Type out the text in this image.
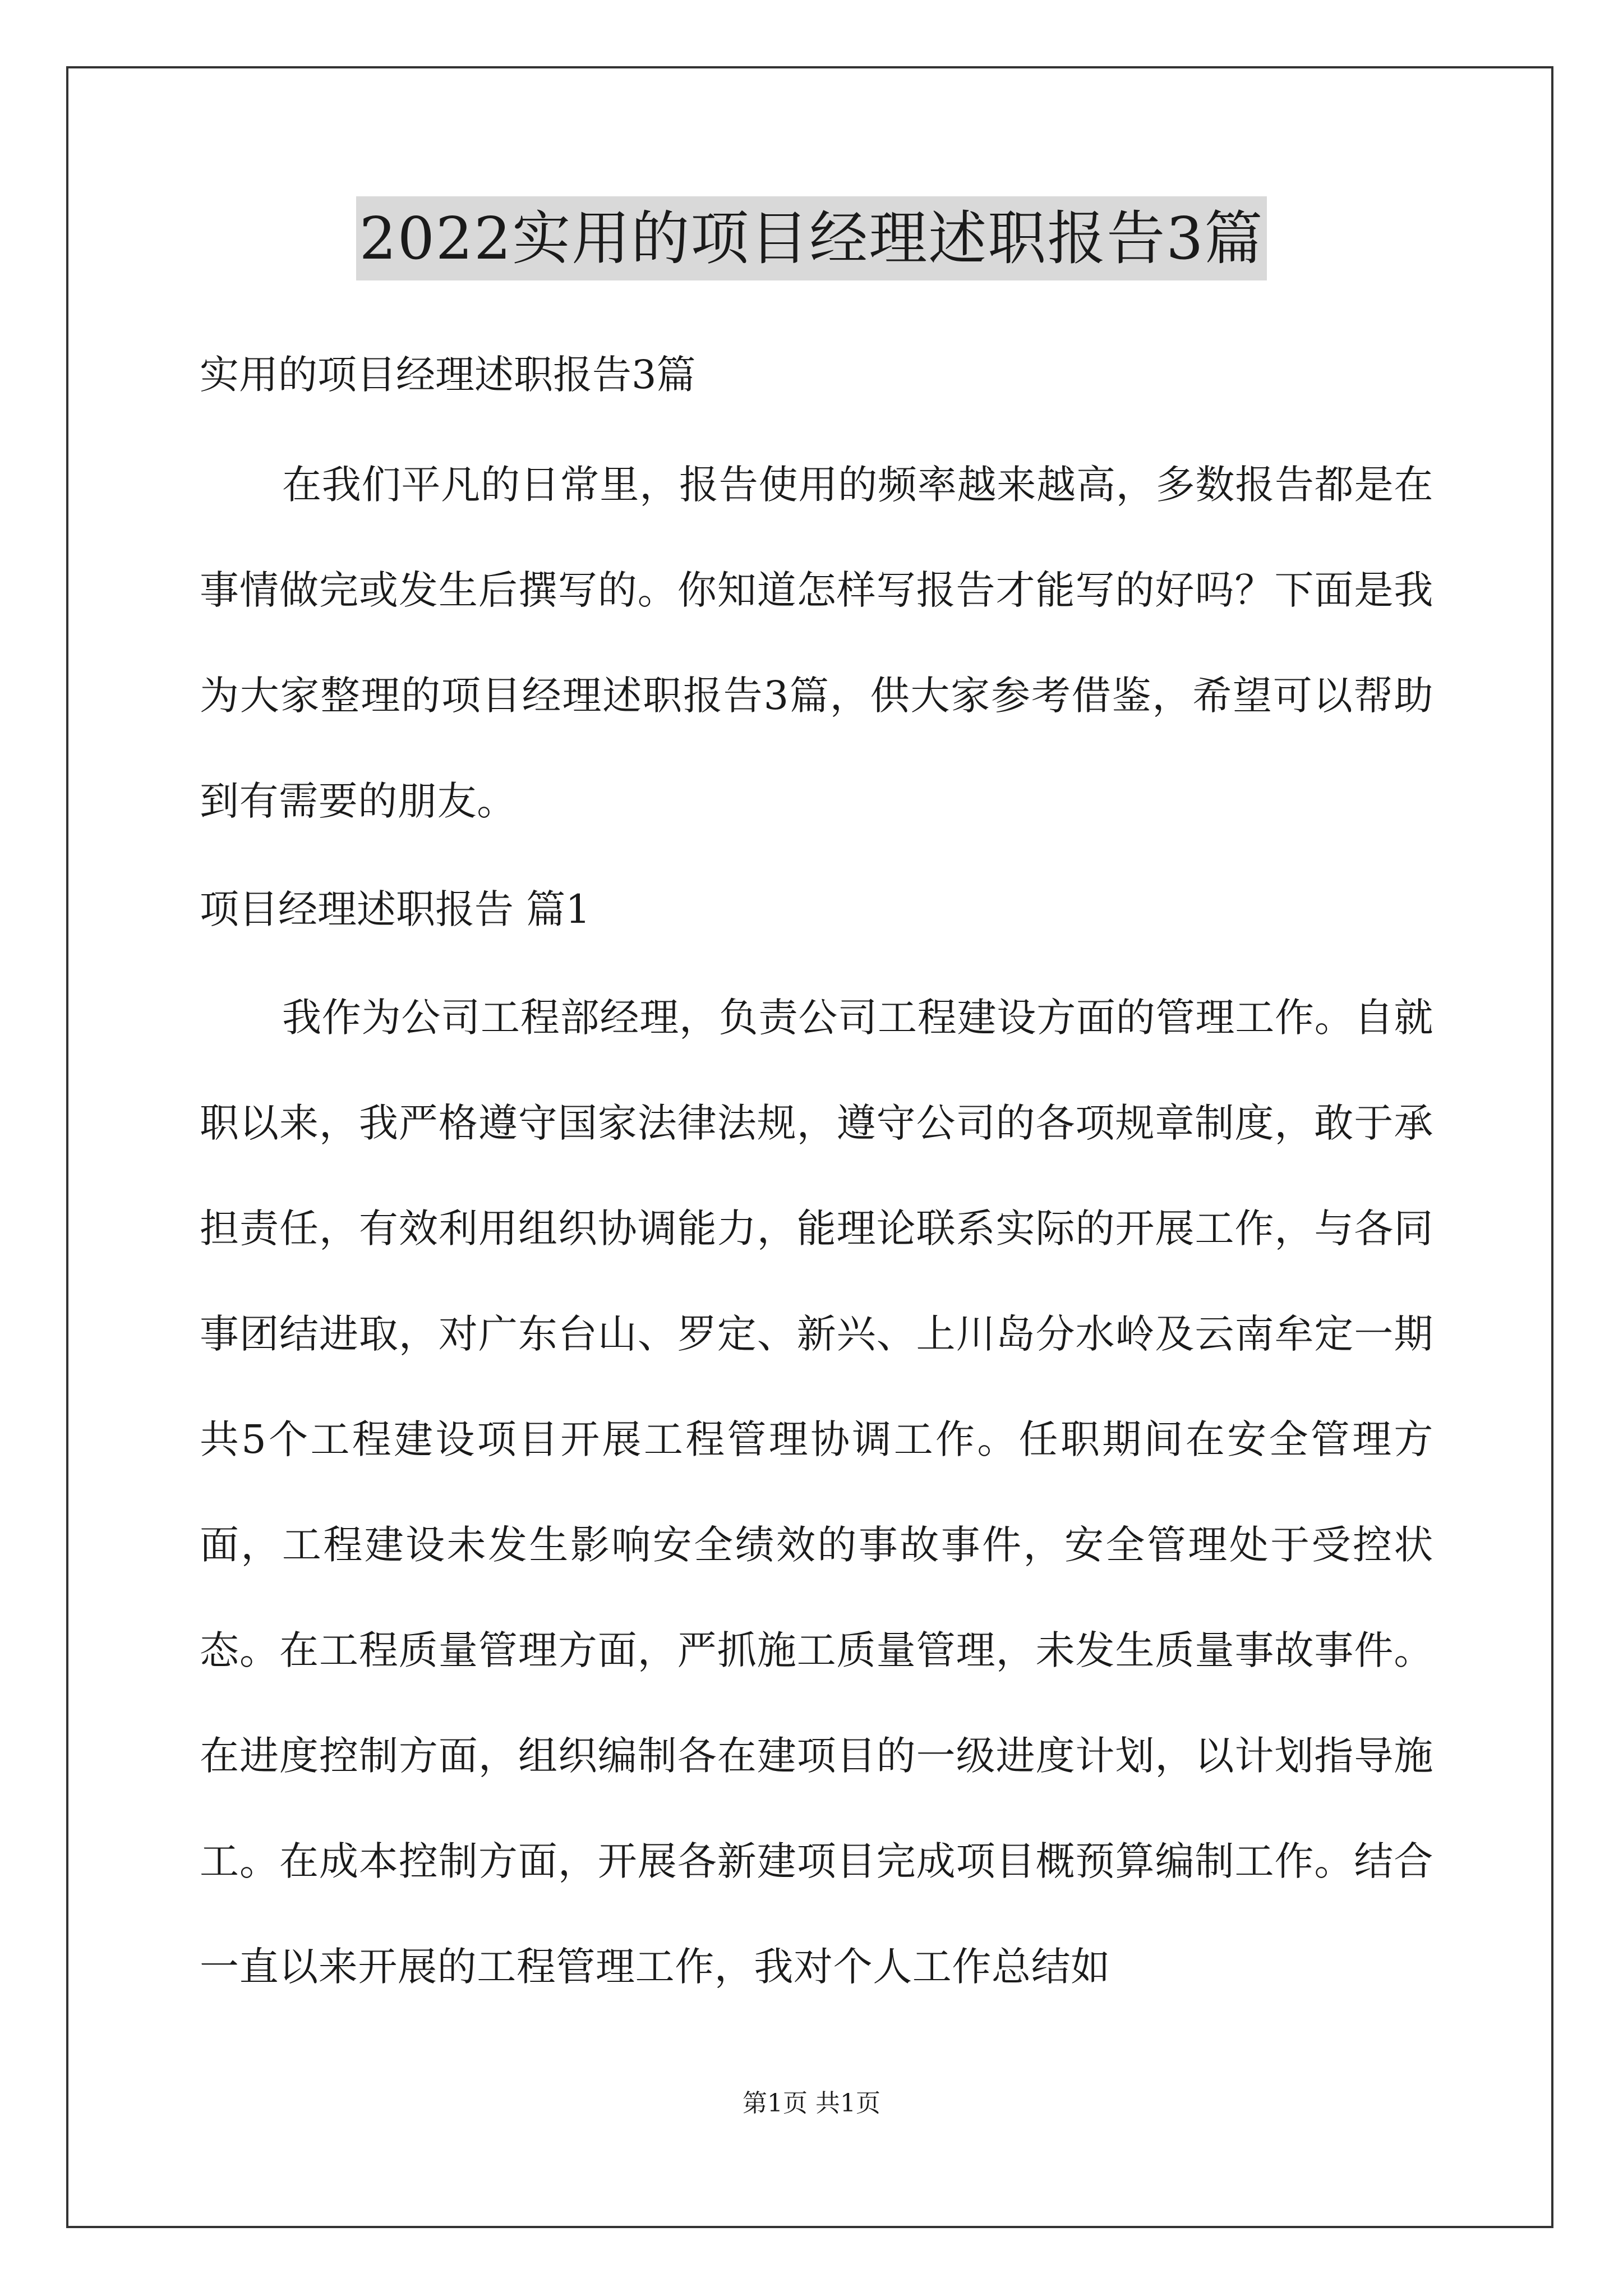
2022实用的项目经理述职报告3篇
实用的项目经理述职报告3篇
在我们平凡的日常里，报告使用的频率越来越高，多数报告都是在事情做完或发生后撰写的。你知道怎样写报告才能写的好吗？下面是我为大家整理的项目经理述职报告3篇，供大家参考借鉴，希望可以帮助到有需要的朋友。
项目经理述职报告 篇1
我作为公司工程部经理，负责公司工程建设方面的管理工作。自就职以来，我严格遵守国家法律法规，遵守公司的各项规章制度，敢于承担责任，有效利用组织协调能力，能理论联系实际的开展工作，与各同事团结进取，对广东台山、罗定、新兴、上川岛分水岭及云南牟定一期共5个工程建设项目开展工程管理协调工作。任职期间在安全管理方面，工程建设未发生影响安全绩效的事故事件，安全管理处于受控状态。在工程质量管理方面，严抓施工质量管理，未发生质量事故事件。在进度控制方面，组织编制各在建项目的一级进度计划，以计划指导施工。在成本控制方面，开展各新建项目完成项目概预算编制工作。结合一直以来开展的工程管理工作，我对个人工作总结如
第1页 共1页
